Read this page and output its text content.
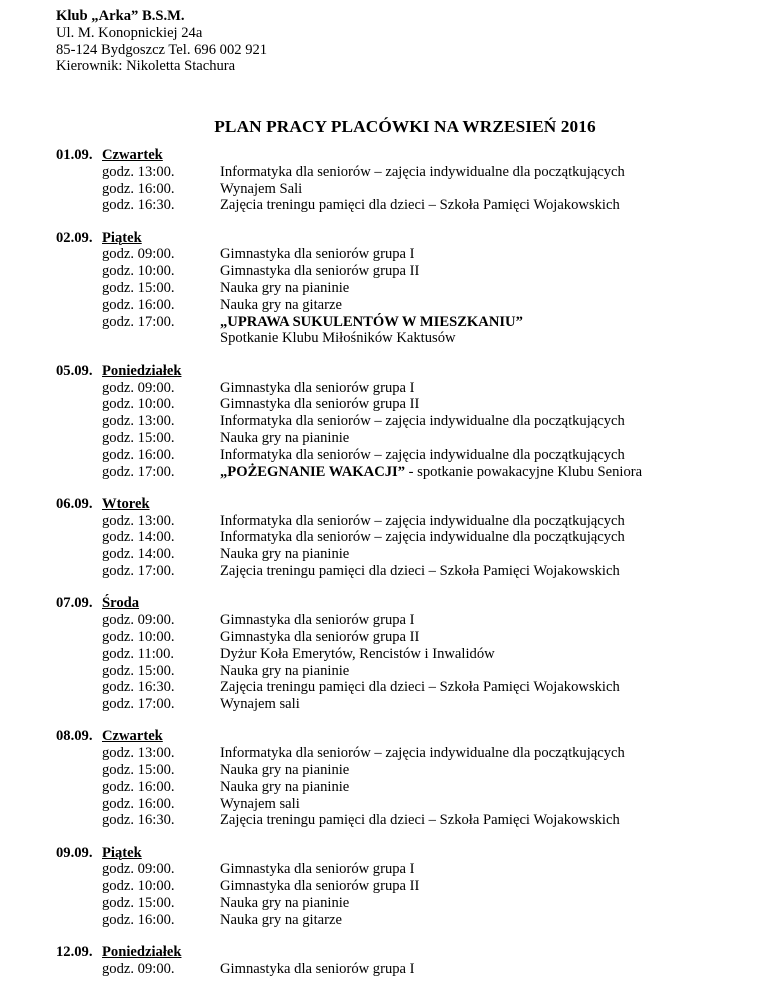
Klub „Arka” B.S.M.
Ul. M. Konopnickiej 24a
85-124 Bydgoszcz Tel. 696 002 921
Kierownik: Nikoletta Stachura
PLAN PRACY PLACÓWKI NA WRZESIEŃ 2016
01.09. Czwartek
godz. 13:00.	Informatyka dla seniorów – zajęcia indywidualne dla początkujących
godz. 16:00.	Wynajem Sali
godz. 16:30.	Zajęcia treningu pamięci dla dzieci – Szkoła Pamięci Wojakowskich
02.09. Piątek
godz. 09:00.	Gimnastyka dla seniorów grupa I
godz. 10:00.	Gimnastyka dla seniorów grupa II
godz. 15:00.	Nauka gry na pianinie
godz. 16:00.	Nauka gry na gitarze
godz. 17:00.	„UPRAWA SUKULENTÓW W MIESZKANIU”
Spotkanie Klubu Miłośników Kaktusów
05.09. Poniedziałek
godz. 09:00.	Gimnastyka dla seniorów grupa I
godz. 10:00.	Gimnastyka dla seniorów grupa II
godz. 13:00.	Informatyka dla seniorów – zajęcia indywidualne dla początkujących
godz. 15:00.	Nauka gry na pianinie
godz. 16:00.	Informatyka dla seniorów – zajęcia indywidualne dla początkujących
godz. 17:00.	„POŻEGNANIE WAKACJI” - spotkanie powakacyjne Klubu Seniora
06.09. Wtorek
godz. 13:00.	Informatyka dla seniorów – zajęcia indywidualne dla początkujących
godz. 14:00.	Informatyka dla seniorów – zajęcia indywidualne dla początkujących
godz. 14:00.	Nauka gry na pianinie
godz. 17:00.	Zajęcia treningu pamięci dla dzieci – Szkoła Pamięci Wojakowskich
07.09. Środa
godz. 09:00.	Gimnastyka dla seniorów grupa I
godz. 10:00.	Gimnastyka dla seniorów grupa II
godz. 11:00.	Dyżur Koła Emerytów, Rencistów i Inwalidów
godz. 15:00.	Nauka gry na pianinie
godz. 16:30.	Zajęcia treningu pamięci dla dzieci – Szkoła Pamięci Wojakowskich
godz. 17:00.	Wynajem sali
08.09. Czwartek
godz. 13:00.	Informatyka dla seniorów – zajęcia indywidualne dla początkujących
godz. 15:00.	Nauka gry na pianinie
godz. 16:00.	Nauka gry na pianinie
godz. 16:00.	Wynajem sali
godz. 16:30.	Zajęcia treningu pamięci dla dzieci – Szkoła Pamięci Wojakowskich
09.09. Piątek
godz. 09:00.	Gimnastyka dla seniorów grupa I
godz. 10:00.	Gimnastyka dla seniorów grupa II
godz. 15:00.	Nauka gry na pianinie
godz. 16:00.	Nauka gry na gitarze
12.09. Poniedziałek
godz. 09:00.	Gimnastyka dla seniorów grupa I
